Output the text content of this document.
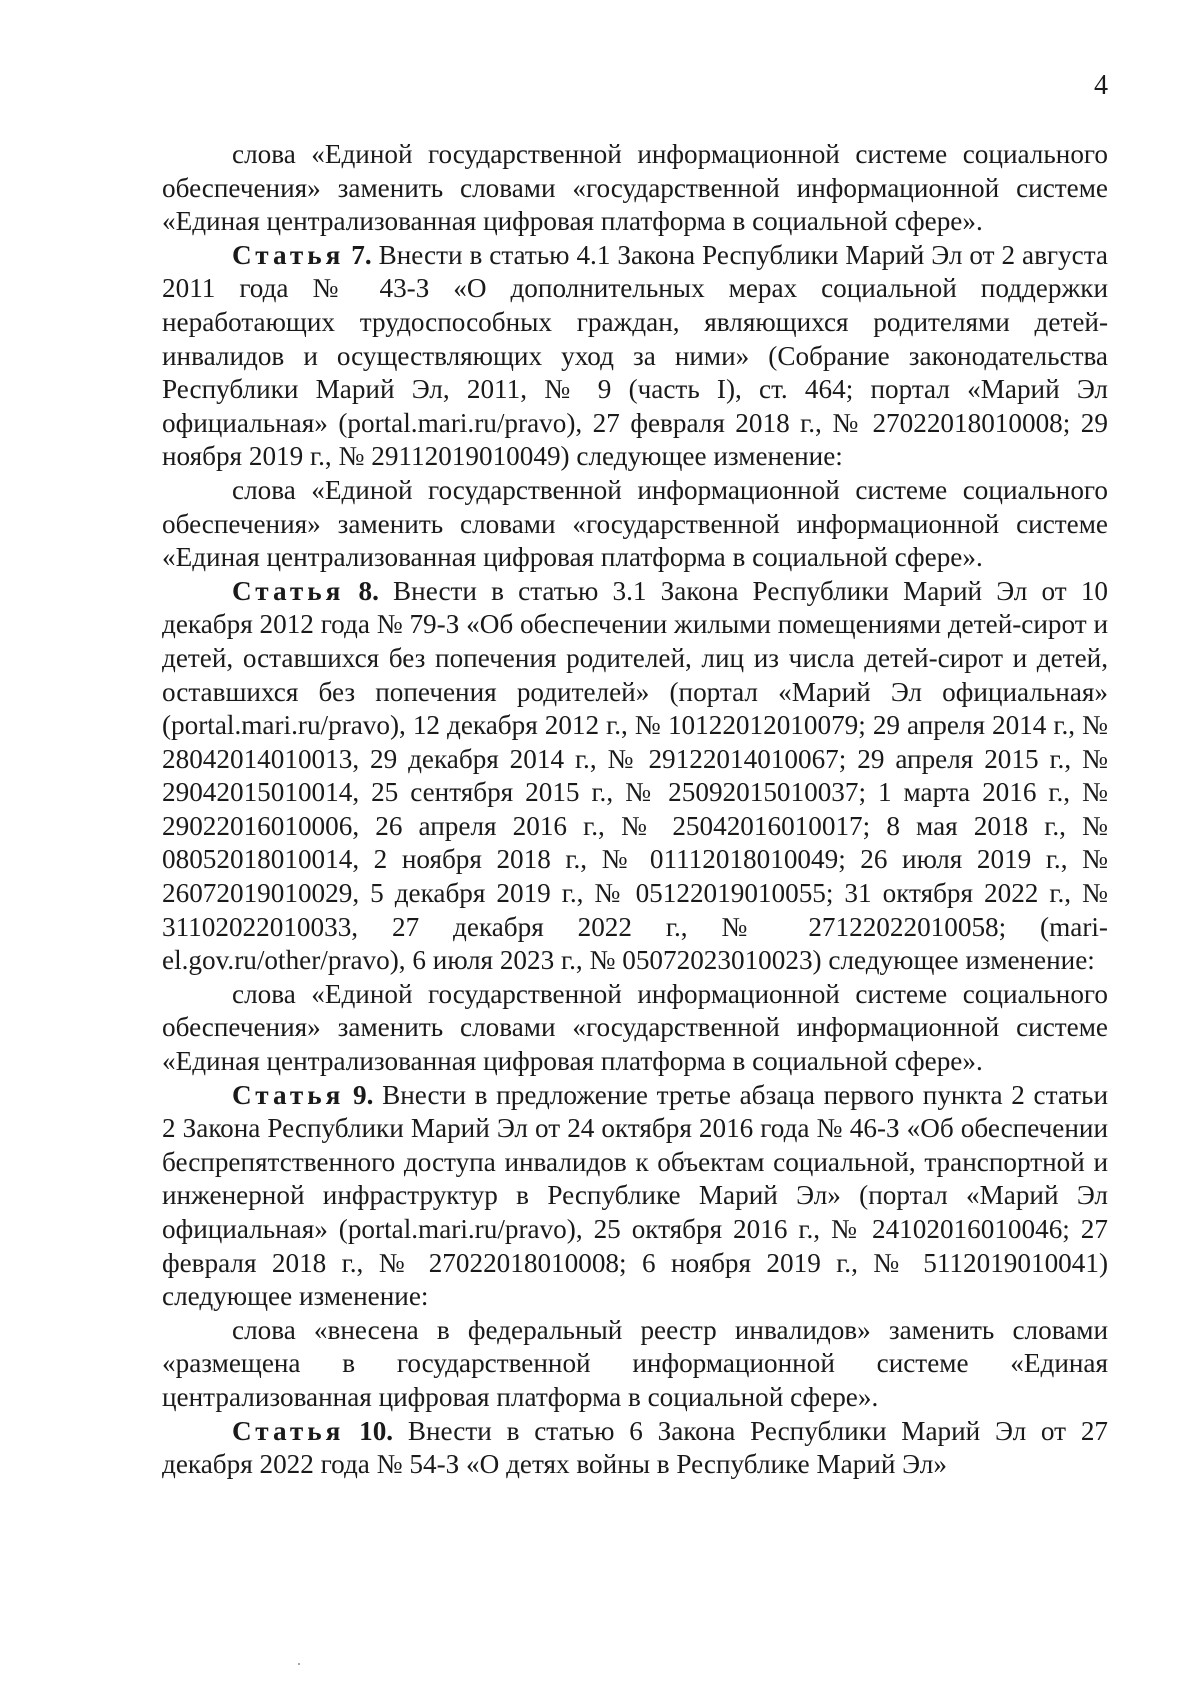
4

слова «Единой государственной информационной системе социального обеспечения» заменить словами «государственной информационной системе «Единая централизованная цифровая платформа в социальной сфере».

Статья 7. Внести в статью 4.1 Закона Республики Марий Эл от 2 августа 2011 года № 43-З «О дополнительных мерах социальной поддержки неработающих трудоспособных граждан, являющихся родителями детей-инвалидов и осуществляющих уход за ними» (Собрание законодательства Республики Марий Эл, 2011, № 9 (часть I), ст. 464; портал «Марий Эл официальная» (portal.mari.ru/pravo), 27 февраля 2018 г., № 27022018010008; 29 ноября 2019 г., № 29112019010049) следующее изменение:

слова «Единой государственной информационной системе социального обеспечения» заменить словами «государственной информационной системе «Единая централизованная цифровая платформа в социальной сфере».

Статья 8. Внести в статью 3.1 Закона Республики Марий Эл от 10 декабря 2012 года № 79-З «Об обеспечении жилыми помещениями детей-сирот и детей, оставшихся без попечения родителей, лиц из числа детей-сирот и детей, оставшихся без попечения родителей» (портал «Марий Эл официальная» (portal.mari.ru/pravo), 12 декабря 2012 г., № 10122012010079; 29 апреля 2014 г., № 28042014010013, 29 декабря 2014 г., № 29122014010067; 29 апреля 2015 г., № 29042015010014, 25 сентября 2015 г., № 25092015010037; 1 марта 2016 г., № 29022016010006, 26 апреля 2016 г., № 25042016010017; 8 мая 2018 г., № 08052018010014, 2 ноября 2018 г., № 01112018010049; 26 июля 2019 г., № 26072019010029, 5 декабря 2019 г., № 05122019010055; 31 октября 2022 г., № 31102022010033, 27 декабря 2022 г., № 27122022010058; (mari-el.gov.ru/other/pravo), 6 июля 2023 г., № 05072023010023) следующее изменение:

слова «Единой государственной информационной системе социального обеспечения» заменить словами «государственной информационной системе «Единая централизованная цифровая платформа в социальной сфере».

Статья 9. Внести в предложение третье абзаца первого пункта 2 статьи 2 Закона Республики Марий Эл от 24 октября 2016 года № 46-З «Об обеспечении беспрепятственного доступа инвалидов к объектам социальной, транспортной и инженерной инфраструктур в Республике Марий Эл» (портал «Марий Эл официальная» (portal.mari.ru/pravo), 25 октября 2016 г., № 24102016010046; 27 февраля 2018 г., № 27022018010008; 6 ноября 2019 г., № 5112019010041) следующее изменение:

слова «внесена в федеральный реестр инвалидов» заменить словами «размещена в государственной информационной системе «Единая централизованная цифровая платформа в социальной сфере».

Статья 10. Внести в статью 6 Закона Республики Марий Эл от 27 декабря 2022 года № 54-З «О детях войны в Республике Марий Эл»
